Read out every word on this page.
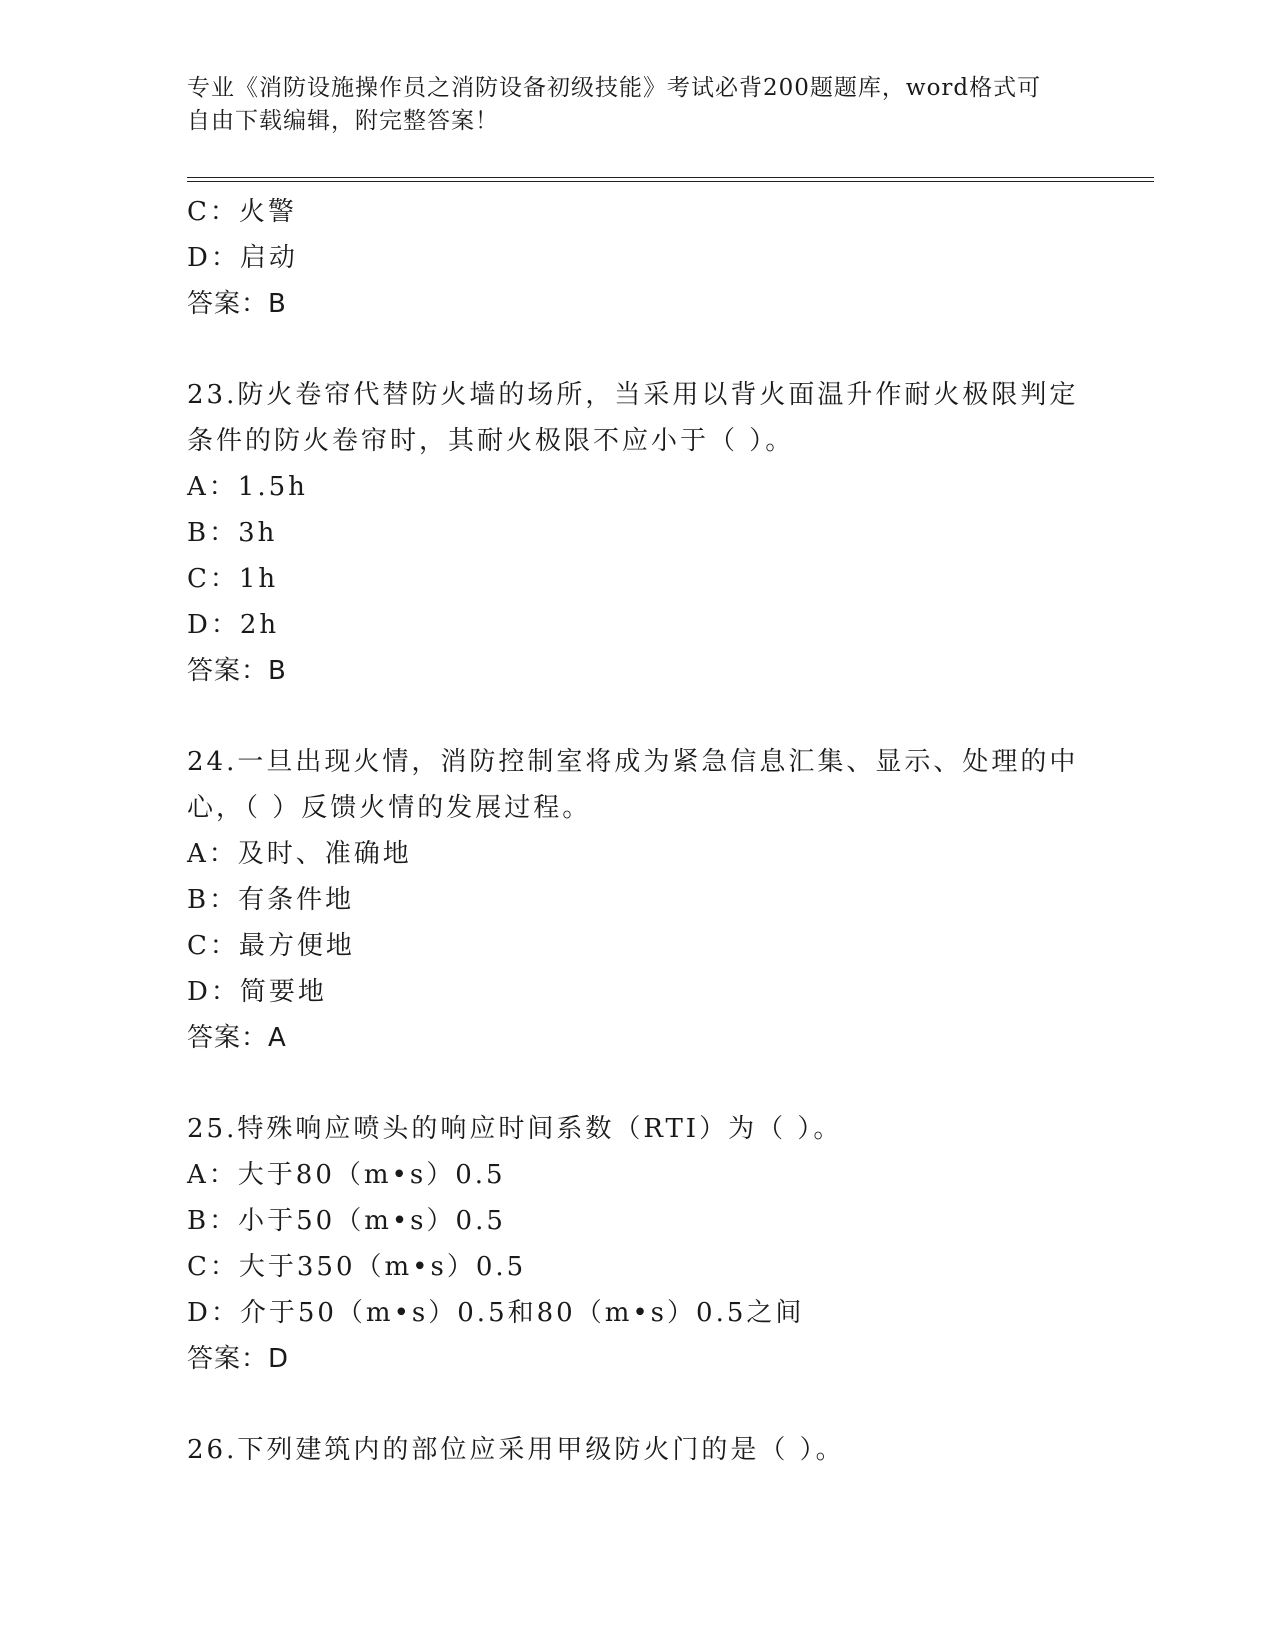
专业《消防设施操作员之消防设备初级技能》考试必背200题题库，word格式可
自由下载编辑，附完整答案！
C：火警
D：启动
答案：B
23.防火卷帘代替防火墙的场所，当采用以背火面温升作耐火极限判定
条件的防火卷帘时，其耐火极限不应小于（ ）。
A：1.5h
B：3h
C：1h
D：2h
答案：B
24.一旦出现火情，消防控制室将成为紧急信息汇集、显示、处理的中
心，（ ）反馈火情的发展过程。
A：及时、准确地
B：有条件地
C：最方便地
D：简要地
答案：A
25.特殊响应喷头的响应时间系数（RTI）为（ ）。
A：大于80（m•s）0.5
B：小于50（m•s）0.5
C：大于350（m•s）0.5
D：介于50（m•s）0.5和80（m•s）0.5之间
答案：D
26.下列建筑内的部位应采用甲级防火门的是（ ）。
